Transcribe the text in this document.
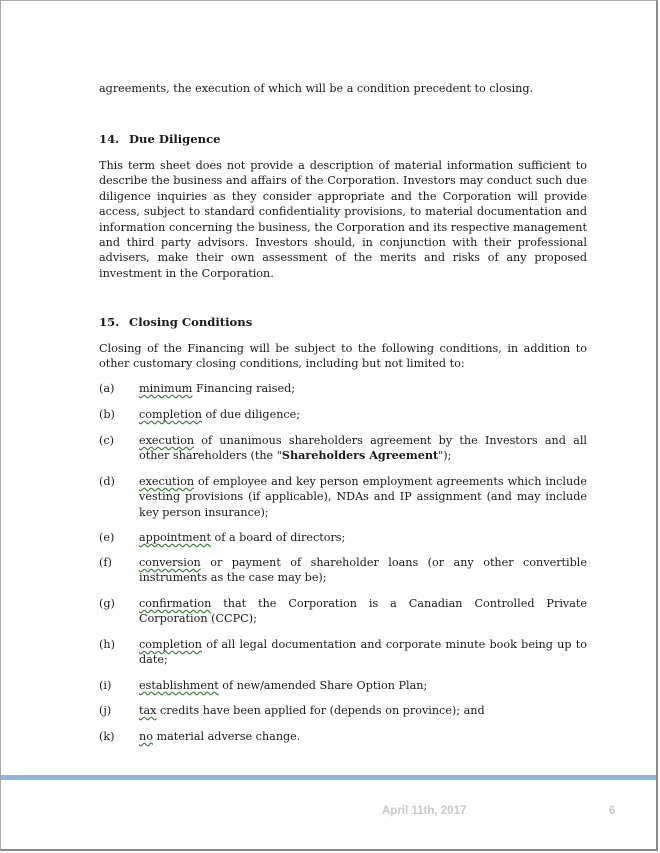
agreements, the execution of which will be a condition precedent to closing.
14. Due Diligence
This term sheet does not provide a description of material information sufficient to describe the business and affairs of the Corporation. Investors may conduct such due diligence inquiries as they consider appropriate and the Corporation will provide access, subject to standard confidentiality provisions, to material documentation and information concerning the business, the Corporation and its respective management and third party advisors. Investors should, in conjunction with their professional advisers, make their own assessment of the merits and risks of any proposed investment in the Corporation.
15. Closing Conditions
Closing of the Financing will be subject to the following conditions, in addition to other customary closing conditions, including but not limited to:
(a)	minimum Financing raised;
(b)	completion of due diligence;
(c)	execution of unanimous shareholders agreement by the Investors and all other shareholders (the "Shareholders Agreement");
(d)	execution of employee and key person employment agreements which include vesting provisions (if applicable), NDAs and IP assignment (and may include key person insurance);
(e)	appointment of a board of directors;
(f)	conversion or payment of shareholder loans (or any other convertible instruments as the case may be);
(g)	confirmation that the Corporation is a Canadian Controlled Private Corporation (CCPC);
(h)	completion of all legal documentation and corporate minute book being up to date;
(i)	establishment of new/amended Share Option Plan;
(j)	tax credits have been applied for (depends on province); and
(k)	no material adverse change.
April 11th, 2017	6
